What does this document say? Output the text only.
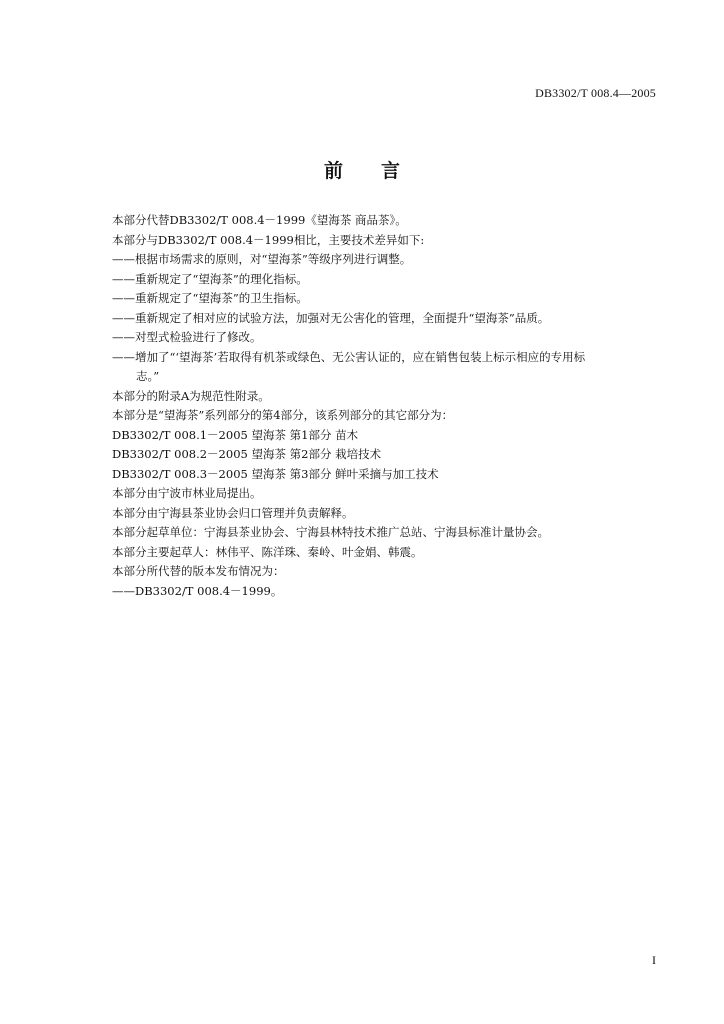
DB3302/T 008.4—2005
前 言
本部分代替DB3302/T 008.4－1999《望海茶 商品茶》。
本部分与DB3302/T 008.4－1999相比，主要技术差异如下:
——根据市场需求的原则，对“望海茶”等级序列进行调整。
——重新规定了“望海茶”的理化指标。
——重新规定了“望海茶”的卫生指标。
——重新规定了相对应的试验方法，加强对无公害化的管理，全面提升“望海茶”品质。
——对型式检验进行了修改。
——增加了“‘望海茶’若取得有机茶或绿色、无公害认证的，应在销售包装上标示相应的专用标
志。”
本部分的附录A为规范性附录。
本部分是“望海茶”系列部分的第4部分，该系列部分的其它部分为：
DB3302/T 008.1－2005 望海茶 第1部分 苗木
DB3302/T 008.2－2005 望海茶 第2部分 栽培技术
DB3302/T 008.3－2005 望海茶 第3部分 鲜叶采摘与加工技术
本部分由宁波市林业局提出。
本部分由宁海县茶业协会归口管理并负责解释。
本部分起草单位：宁海县茶业协会、宁海县林特技术推广总站、宁海县标准计量协会。
本部分主要起草人：林伟平、陈洋珠、秦岭、叶金娟、韩震。
本部分所代替的版本发布情况为：
——DB3302/T 008.4－1999。
I
